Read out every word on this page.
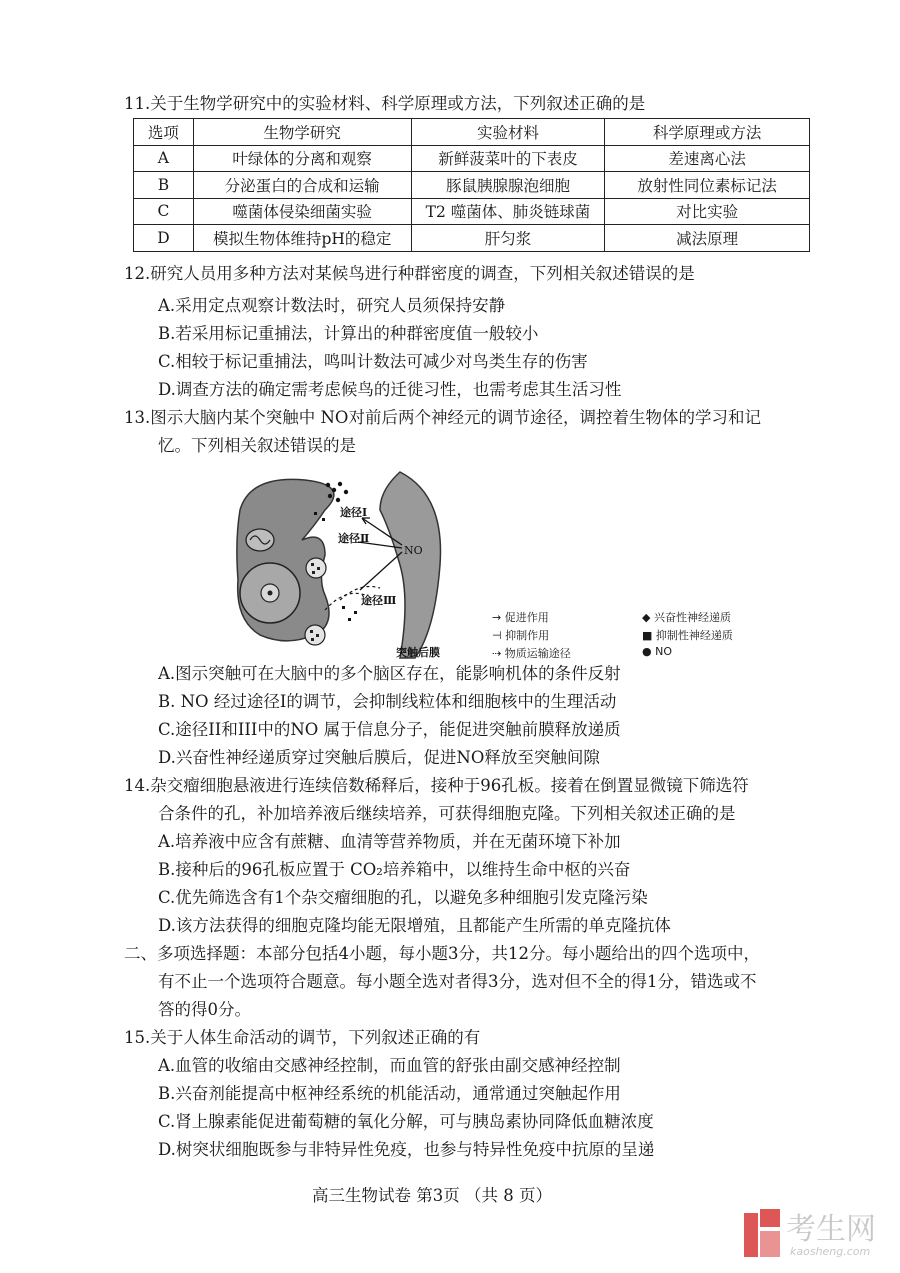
11.关于生物学研究中的实验材料、科学原理或方法，下列叙述正确的是
选项	生物学研究	实验材料	科学原理或方法
A	叶绿体的分离和观察	新鲜菠菜叶的下表皮	差速离心法
B	分泌蛋白的合成和运输	豚鼠胰腺腺泡细胞	放射性同位素标记法
C	噬菌体侵染细菌实验	T2 噬菌体、肺炎链球菌	对比实验
D	模拟生物体维持pH的稳定	肝匀浆	减法原理
12.研究人员用多种方法对某候鸟进行种群密度的调查，下列相关叙述错误的是
A.采用定点观察计数法时，研究人员须保持安静
B.若采用标记重捕法，计算出的种群密度值一般较小
C.相较于标记重捕法，鸣叫计数法可减少对鸟类生存的伤害
D.调查方法的确定需考虑候鸟的迁徙习性，也需考虑其生活习性
13.图示大脑内某个突触中 NO对前后两个神经元的调节途径，调控着生物体的学习和记
忆。下列相关叙述错误的是
途径Ⅰ
途径Ⅱ
途径Ⅲ
NO
突触后膜
→ 促进作用
⊣ 抑制作用
⇢ 物质运输途径
◆ 兴奋性神经递质
■ 抑制性神经递质
● NO
A.图示突触可在大脑中的多个脑区存在，能影响机体的条件反射
B. NO 经过途径Ⅰ的调节，会抑制线粒体和细胞核中的生理活动
C.途径II和III中的NO 属于信息分子，能促进突触前膜释放递质
D.兴奋性神经递质穿过突触后膜后，促进NO释放至突触间隙
14.杂交瘤细胞悬液进行连续倍数稀释后，接种于96孔板。接着在倒置显微镜下筛选符
合条件的孔，补加培养液后继续培养，可获得细胞克隆。下列相关叙述正确的是
A.培养液中应含有蔗糖、血清等营养物质，并在无菌环境下补加
B.接种后的96孔板应置于 CO₂培养箱中，以维持生命中枢的兴奋
C.优先筛选含有1个杂交瘤细胞的孔，以避免多种细胞引发克隆污染
D.该方法获得的细胞克隆均能无限增殖，且都能产生所需的单克隆抗体
二、多项选择题：本部分包括4小题，每小题3分，共12分。每小题给出的四个选项中，
有不止一个选项符合题意。每小题全选对者得3分，选对但不全的得1分，错选或不
答的得0分。
15.关于人体生命活动的调节，下列叙述正确的有
A.血管的收缩由交感神经控制，而血管的舒张由副交感神经控制
B.兴奋剂能提高中枢神经系统的机能活动，通常通过突触起作用
C.肾上腺素能促进葡萄糖的氧化分解，可与胰岛素协同降低血糖浓度
D.树突状细胞既参与非特异性免疫，也参与特异性免疫中抗原的呈递
高三生物试卷 第3页 （共 8 页）
考生网
kaosheng.com
